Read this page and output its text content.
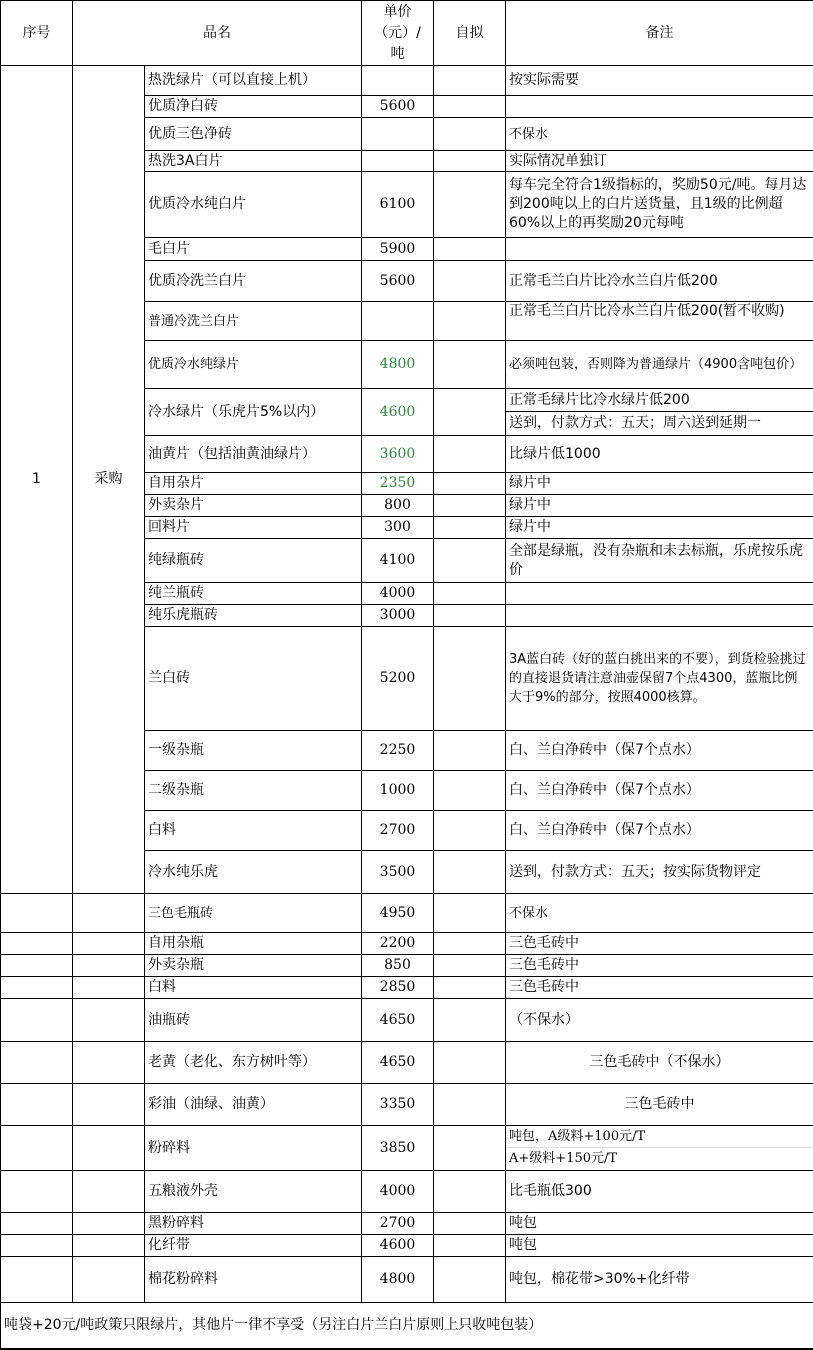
序号	品名		单价
（元）/
吨	自拟	备注
1	采购	热洗绿片（可以直接上机）			按实际需要
		优质净白砖	5600		
		优质三色净砖			不保水
		热洗3A白片			实际情况单独订
		优质冷水纯白片	6100		每车完全符合1级指标的，奖励50元/吨。每月达到200吨以上的白片送货量，且1级的比例超60%以上的再奖励20元每吨
		毛白片	5900		
		优质冷洗兰白片	5600		正常毛兰白片比冷水兰白片低200
		普通冷洗兰白片			正常毛兰白片比冷水兰白片低200(暂不收购)

		优质冷水纯绿片	4800		必须吨包装，否则降为普通绿片（4900含吨包价）
		冷水绿片（乐虎片5%以内）	4600		正常毛绿片比冷水绿片低200
送到，付款方式：五天；周六送到延期一

		油黄片（包括油黄油绿片）	3600		比绿片低1000
		自用杂片	2350		绿片中
		外卖杂片	800		绿片中
		回料片	300		绿片中
		纯绿瓶砖	4100		全部是绿瓶，没有杂瓶和未去标瓶，乐虎按乐虎价
		纯兰瓶砖	4000		
		纯乐虎瓶砖	3000		
		兰白砖	5200		3A蓝白砖（好的蓝白挑出来的不要），到货检验挑过的直接退货请注意油壶保留7个点4300，蓝瓶比例大于9%的部分，按照4000核算。
		一级杂瓶	2250		白、兰白净砖中（保7个点水）
		二级杂瓶	1000		白、兰白净砖中（保7个点水）
		白料	2700		白、兰白净砖中（保7个点水）
		冷水纯乐虎	3500		送到，付款方式：五天；按实际货物评定
		三色毛瓶砖	4950		不保水
		自用杂瓶	2200		三色毛砖中
		外卖杂瓶	850		三色毛砖中
		白料	2850		三色毛砖中
		油瓶砖	4650		（不保水）
		老黄（老化、东方树叶等）	4650		三色毛砖中（不保水）
		彩油（油绿、油黄）	3350		三色毛砖中
		粉碎料	3850		吨包，A级料+100元/T
A+级料+150元/T

		五粮液外壳	4000		比毛瓶低300
		黑粉碎料	2700		吨包
		化纤带	4600		吨包
		棉花粉碎料	4800		吨包，棉花带>30%+化纤带
吨袋+20元/吨政策只限绿片，其他片一律不享受（另注白片兰白片原则上只收吨包装）					
